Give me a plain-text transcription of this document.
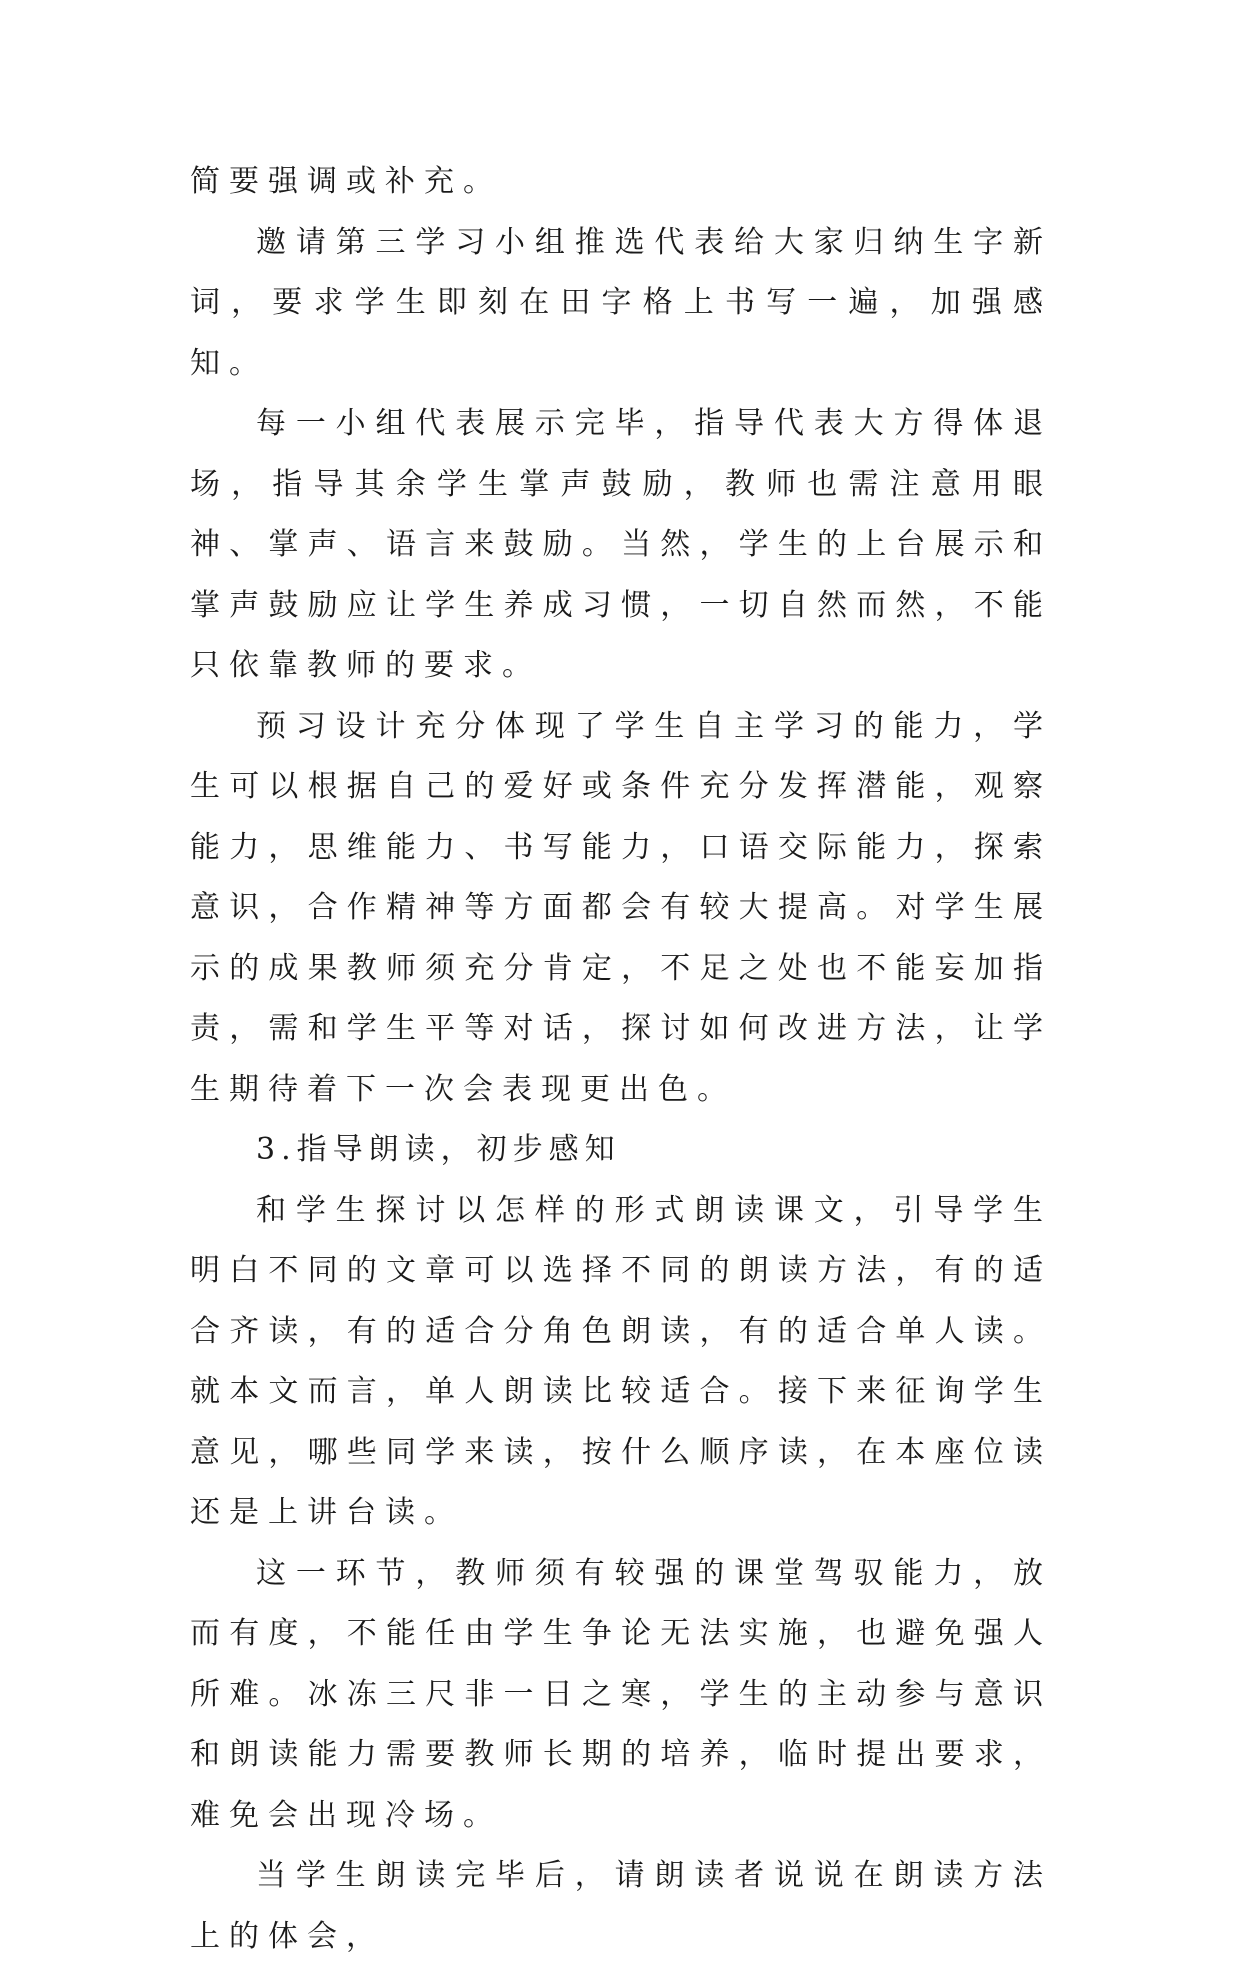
简要强调或补充。

邀请第三学习小组推选代表给大家归纳生字新词，要求学生即刻在田字格上书写一遍，加强感知。

每一小组代表展示完毕，指导代表大方得体退场，指导其余学生掌声鼓励，教师也需注意用眼神、掌声、语言来鼓励。当然，学生的上台展示和掌声鼓励应让学生养成习惯，一切自然而然，不能只依靠教师的要求。

预习设计充分体现了学生自主学习的能力，学生可以根据自己的爱好或条件充分发挥潜能，观察能力，思维能力、书写能力，口语交际能力，探索意识，合作精神等方面都会有较大提高。对学生展示的成果教师须充分肯定，不足之处也不能妄加指责，需和学生平等对话，探讨如何改进方法，让学生期待着下一次会表现更出色。

3.指导朗读，初步感知

和学生探讨以怎样的形式朗读课文，引导学生明白不同的文章可以选择不同的朗读方法，有的适合齐读，有的适合分角色朗读，有的适合单人读。就本文而言，单人朗读比较适合。接下来征询学生意见，哪些同学来读，按什么顺序读，在本座位读还是上讲台读。

这一环节，教师须有较强的课堂驾驭能力，放而有度，不能任由学生争论无法实施，也避免强人所难。冰冻三尺非一日之寒，学生的主动参与意识和朗读能力需要教师长期的培养，临时提出要求，难免会出现冷场。

当学生朗读完毕后，请朗读者说说在朗读方法上的体会，
